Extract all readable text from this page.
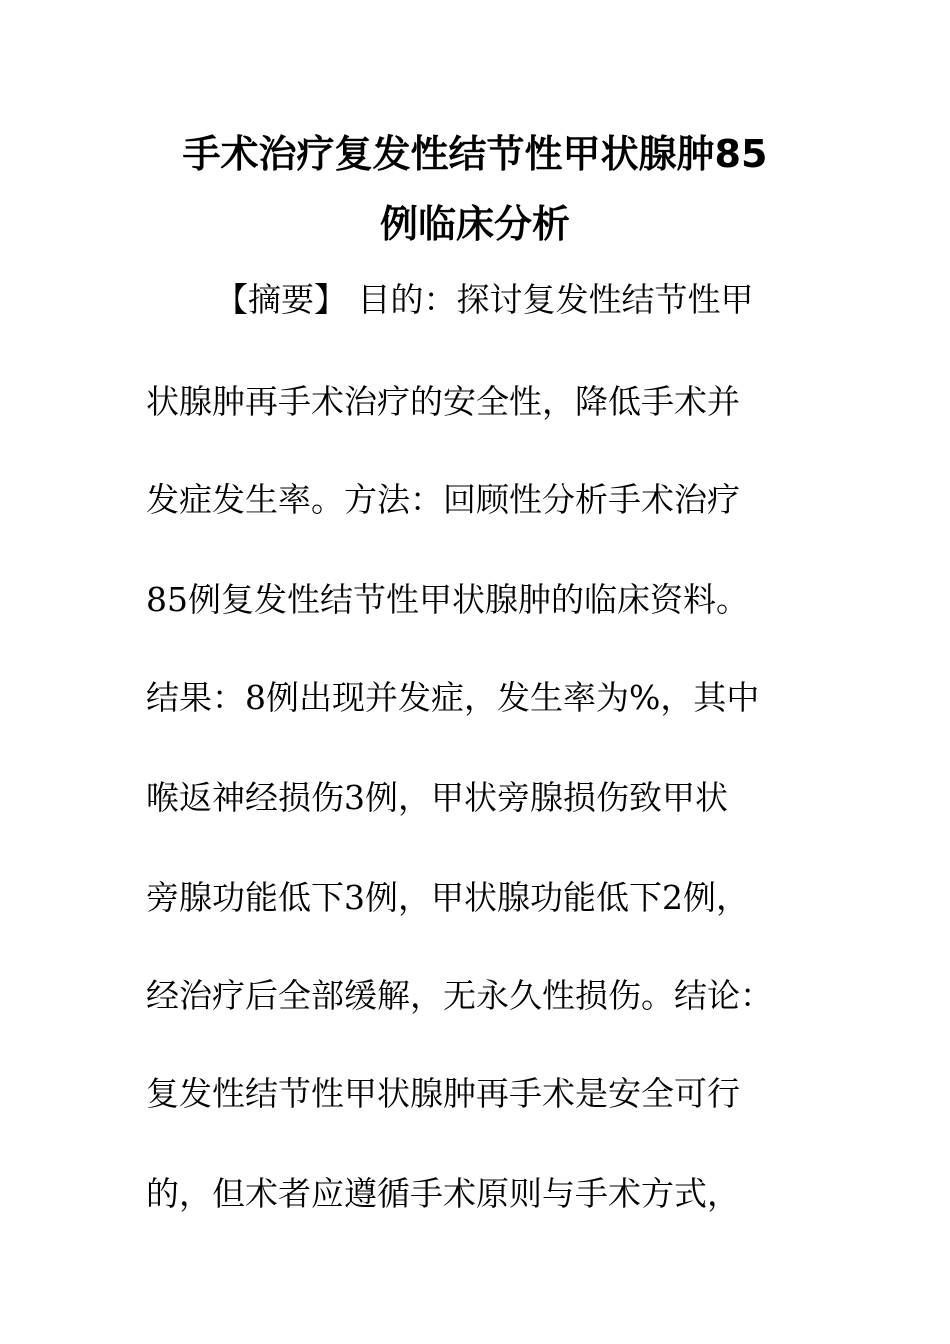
手术治疗复发性结节性甲状腺肿85
例临床分析

【摘要】 目的：探讨复发性结节性甲

状腺肿再手术治疗的安全性，降低手术并

发症发生率。方法：回顾性分析手术治疗

85例复发性结节性甲状腺肿的临床资料。

结果：8例出现并发症，发生率为%，其中

喉返神经损伤3例，甲状旁腺损伤致甲状

旁腺功能低下3例，甲状腺功能低下2例，

经治疗后全部缓解，无永久性损伤。结论：

复发性结节性甲状腺肿再手术是安全可行

的，但术者应遵循手术原则与手术方式，
